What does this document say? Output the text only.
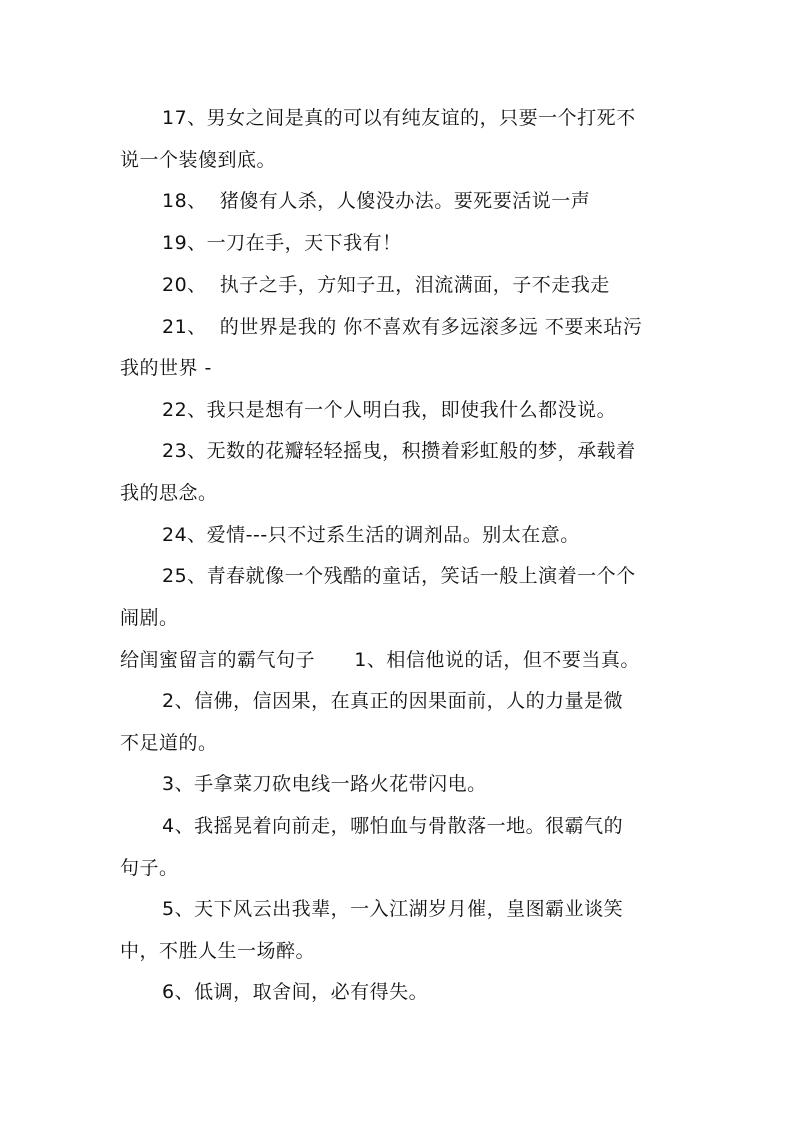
17、男女之间是真的可以有纯友谊的，只要一个打死不
说一个装傻到底。
18、  猪傻有人杀，人傻没办法。要死要活说一声
19、一刀在手，天下我有！
20、  执子之手，方知子丑，泪流满面，子不走我走
21、  的世界是我的 你不喜欢有多远滚多远 不要来玷污
我的世界 -
22、我只是想有一个人明白我，即使我什么都没说。
23、无数的花瓣轻轻摇曳，积攒着彩虹般的梦，承载着
我的思念。
24、爱情---只不过系生活的调剂品。别太在意。
25、青春就像一个残酷的童话，笑话一般上演着一个个
闹剧。
给闺蜜留言的霸气句子      1、相信他说的话，但不要当真。
2、信佛，信因果，在真正的因果面前，人的力量是微
不足道的。
3、手拿菜刀砍电线一路火花带闪电。
4、我摇晃着向前走，哪怕血与骨散落一地。很霸气的
句子。
5、天下风云出我辈，一入江湖岁月催，皇图霸业谈笑
中，不胜人生一场醉。
6、低调，取舍间，必有得失。
